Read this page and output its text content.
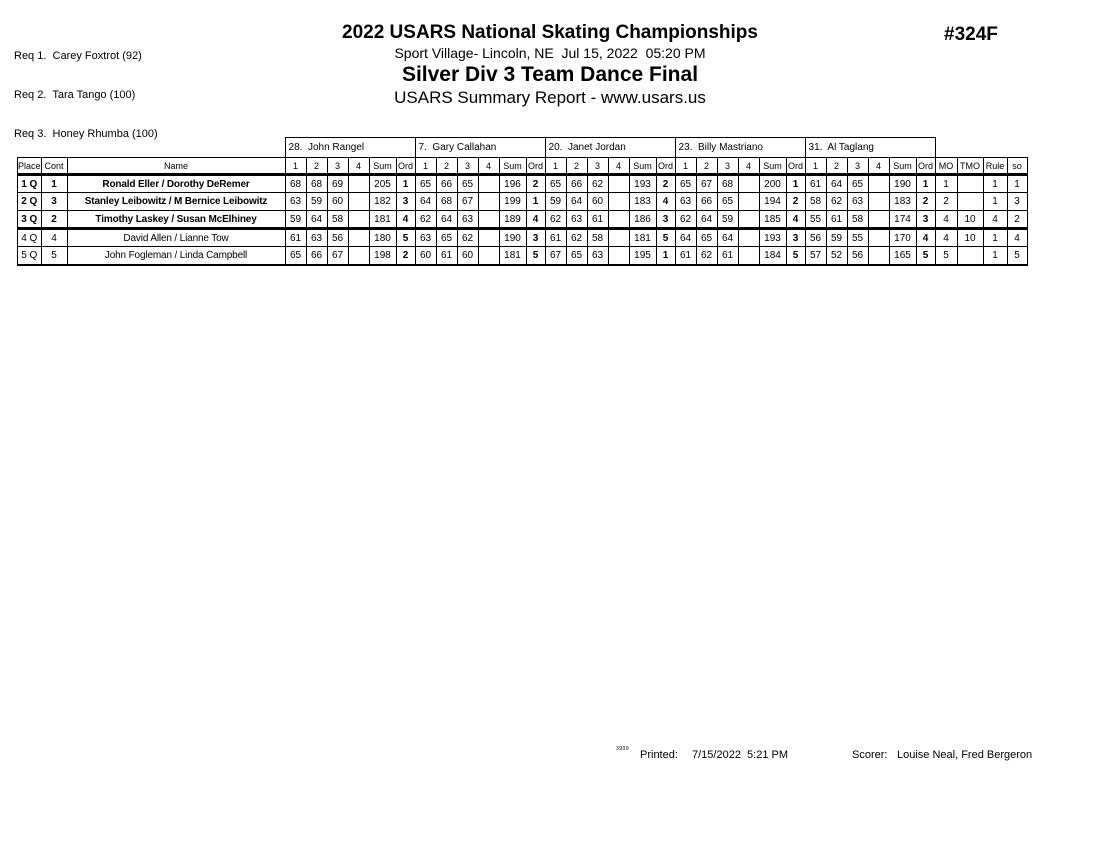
Req 1.  Carey Foxtrot (92)

Req 2.  Tara Tango (100)

Req 3.  Honey Rhumba (100)

2022 USARS National Skating Championships
Sport Village- Lincoln, NE  Jul 15, 2022  05:20 PM
Silver Div 3 Team Dance Final
USARS Summary Report - www.usars.us
#324F
			28.  John Rangel						7.  Gary Callahan						20.  Janet Jordan						23.  Billy Mastriano						31.  Al Taglang									
Place	Cont	Name	1	2	3	4	Sum	Ord	1	2	3	4	Sum	Ord	1	2	3	4	Sum	Ord	1	2	3	4	Sum	Ord	1	2	3	4	Sum	Ord	MO	TMO	Rule	so
1 Q	1	Ronald Eller / Dorothy DeRemer	68	68	69		205	1	65	66	65		196	2	65	66	62		193	2	65	67	68		200	1	61	64	65		190	1	1		1	1
2 Q	3	Stanley Leibowitz / M Bernice Leibowitz	63	59	60		182	3	64	68	67		199	1	59	64	60		183	4	63	66	65		194	2	58	62	63		183	2	2		1	3
3 Q	2	Timothy Laskey / Susan McElhiney	59	64	58		181	4	62	64	63		189	4	62	63	61		186	3	62	64	59		185	4	55	61	58		174	3	4	10	4	2
4 Q	4	David Allen / Lianne Tow	61	63	56		180	5	63	65	62		190	3	61	62	58		181	5	64	65	64		193	3	56	59	55		170	4	4	10	1	4
5 Q	5	John Fogleman / Linda Campbell	65	66	67		198	2	60	61	60		181	5	67	65	63		195	1	61	62	61		184	5	57	52	56		165	5	5		1	5
3909 Printed: 7/15/2022  5:21 PM	Scorer: Louise Neal, Fred Bergeron
